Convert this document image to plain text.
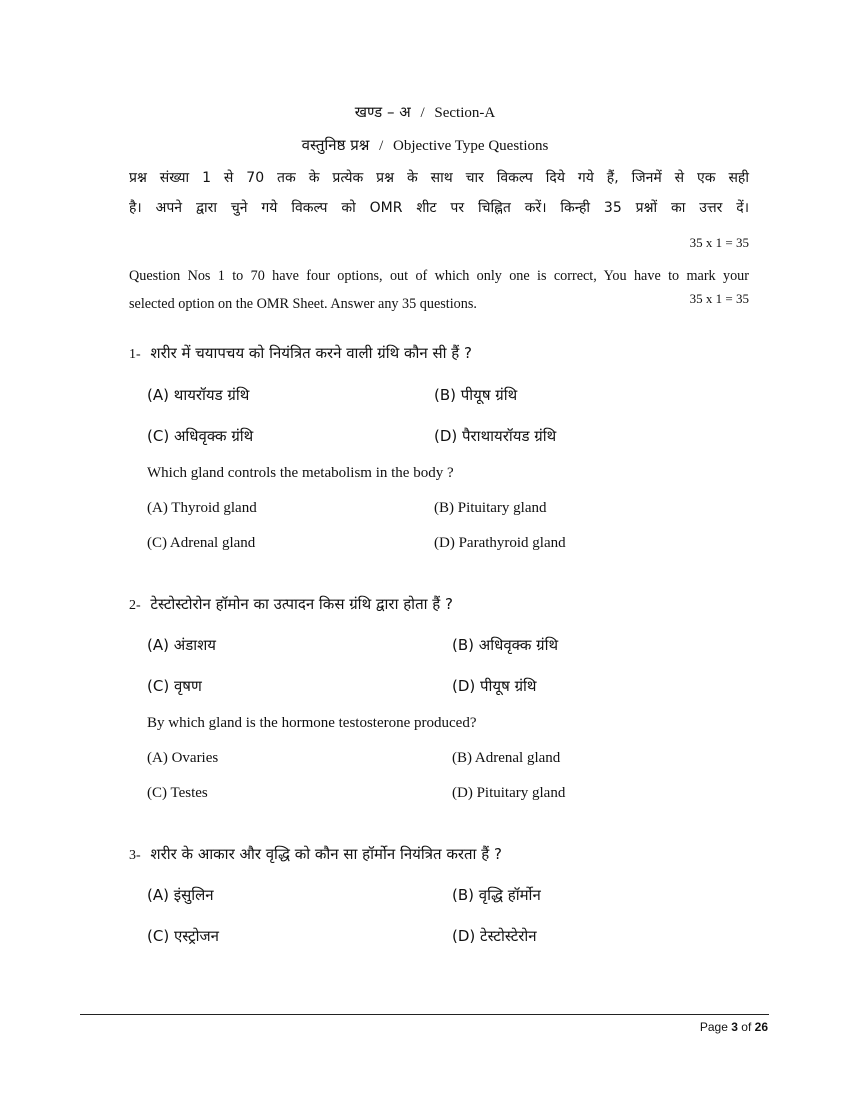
खण्ड – अ / Section-A
वस्तुनिष्ठ प्रश्न / Objective Type Questions
प्रश्न संख्या 1 से 70 तक के प्रत्येक प्रश्न के साथ चार विकल्प दिये गये हैं, जिनमें से एक सही
है। अपने द्वारा चुने गये विकल्प को OMR शीट पर चिह्नित करें। किन्ही 35 प्रश्नों का उत्तर दें।
35 x 1 = 35
Question Nos 1 to 70 have four options, out of which only one is correct, You have to mark your
selected option on the OMR Sheet. Answer any 35 questions.	35 x 1 = 35
1- शरीर में चयापचय को नियंत्रित करने वाली ग्रंथि कौन सी हैं ?
(A) थायरॉयड ग्रंथि	(B) पीयूष ग्रंथि
(C) अधिवृक्क ग्रंथि	(D) पैराथायरॉयड ग्रंथि
Which gland controls the metabolism in the body ?
(A) Thyroid gland	(B) Pituitary gland
(C) Adrenal gland	(D) Parathyroid gland
2- टेस्टोस्टोरोन हॉमोन का उत्पादन किस ग्रंथि द्वारा होता हैं ?
(A) अंडाशय	(B) अधिवृक्क ग्रंथि
(C) वृषण	(D) पीयूष ग्रंथि
By which gland is the hormone testosterone produced?
(A) Ovaries	(B) Adrenal gland
(C) Testes	(D) Pituitary gland
3- शरीर के आकार और वृद्धि को कौन सा हॉर्मोन नियंत्रित करता हैं ?
(A) इंसुलिन	(B) वृद्धि हॉर्मोन
(C) एस्ट्रोजन	(D) टेस्टोस्टेरोन
Page 3 of 26
